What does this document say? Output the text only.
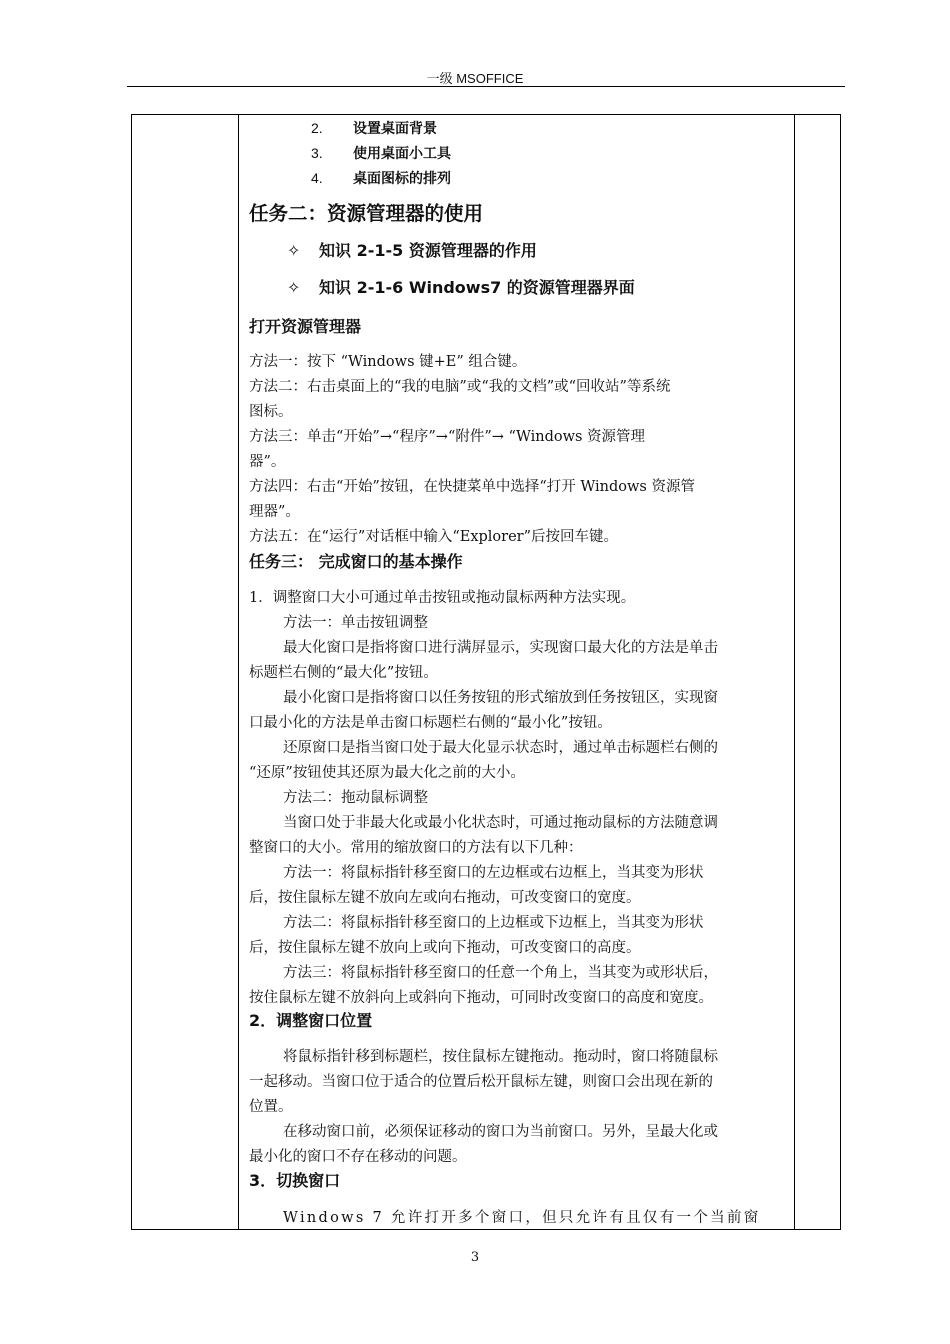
一级 MSOFFICE
2. 设置桌面背景
3. 使用桌面小工具
4. 桌面图标的排列
任务二：资源管理器的使用
✧ 知识 2-1-5 资源管理器的作用
✧ 知识 2-1-6 Windows7 的资源管理器界面
打开资源管理器
方法一：按下 “Windows 键+E” 组合键。
方法二：右击桌面上的“我的电脑”或“我的文档”或“回收站”等系统
图标。
方法三：单击“开始”→“程序”→“附件”→ “Windows 资源管理
器”。
方法四：右击“开始”按钮，在快捷菜单中选择“打开 Windows 资源管
理器”。
方法五：在“运行”对话框中输入“Explorer”后按回车键。
任务三： 完成窗口的基本操作
1．调整窗口大小可通过单击按钮或拖动鼠标两种方法实现。
方法一：单击按钮调整
最大化窗口是指将窗口进行满屏显示，实现窗口最大化的方法是单击
标题栏右侧的“最大化”按钮。
最小化窗口是指将窗口以任务按钮的形式缩放到任务按钮区，实现窗
口最小化的方法是单击窗口标题栏右侧的“最小化”按钮。
还原窗口是指当窗口处于最大化显示状态时，通过单击标题栏右侧的
“还原”按钮使其还原为最大化之前的大小。
方法二：拖动鼠标调整
当窗口处于非最大化或最小化状态时，可通过拖动鼠标的方法随意调
整窗口的大小。常用的缩放窗口的方法有以下几种：
方法一：将鼠标指针移至窗口的左边框或右边框上，当其变为形状
后，按住鼠标左键不放向左或向右拖动，可改变窗口的宽度。
方法二：将鼠标指针移至窗口的上边框或下边框上，当其变为形状
后，按住鼠标左键不放向上或向下拖动，可改变窗口的高度。
方法三：将鼠标指针移至窗口的任意一个角上，当其变为或形状后，
按住鼠标左键不放斜向上或斜向下拖动，可同时改变窗口的高度和宽度。
2．调整窗口位置
将鼠标指针移到标题栏，按住鼠标左键拖动。拖动时，窗口将随鼠标
一起移动。当窗口位于适合的位置后松开鼠标左键，则窗口会出现在新的
位置。
在移动窗口前，必须保证移动的窗口为当前窗口。另外，呈最大化或
最小化的窗口不存在移动的问题。
3．切换窗口
Windows 7 允许打开多个窗口，但只允许有且仅有一个当前窗
3
